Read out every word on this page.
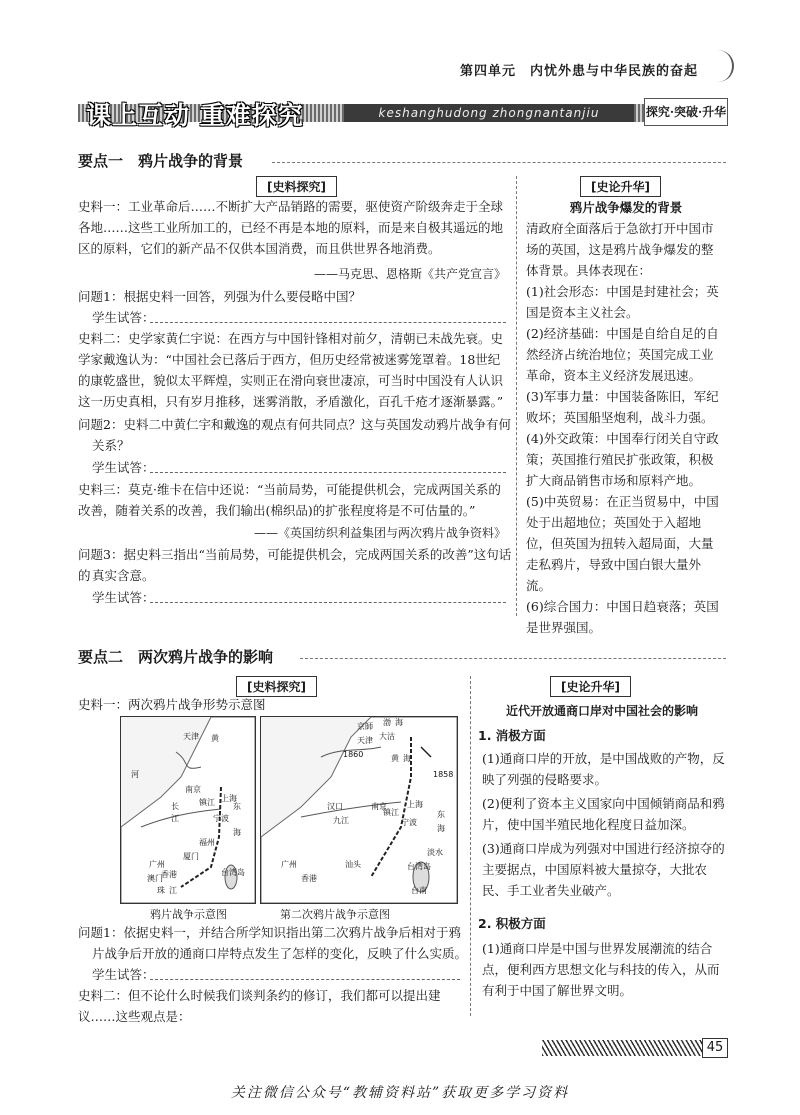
第四单元　内忧外患与中华民族的奋起
课上互动 重难探究	keshanghudong zhongnantanjiu	探究·突破·升华
要点一　鸦片战争的背景
[史料探究]
史料一：工业革命后……不断扩大产品销路的需要，驱使资产阶级奔走于全球各地……这些工业所加工的，已经不再是本地的原料，而是来自极其遥远的地区的原料，它们的新产品不仅供本国消费，而且供世界各地消费。
——马克思、恩格斯《共产党宣言》
问题1：根据史料一回答，列强为什么要侵略中国？
学生试答：
史料二：史学家黄仁宇说：在西方与中国针锋相对前夕，清朝已未战先衰。史学家戴逸认为：“中国社会已落后于西方，但历史经常被迷雾笼罩着。18世纪的康乾盛世，貌似太平辉煌，实则正在滑向衰世凄凉，可当时中国没有人认识这一历史真相，只有岁月推移，迷雾消散，矛盾激化，百孔千疮才逐渐暴露。”
问题2：史料二中黄仁宇和戴逸的观点有何共同点？这与英国发动鸦片战争有何
关系？
学生试答：
史料三：莫克·维卡在信中还说：“当前局势，可能提供机会，完成两国关系的改善，随着关系的改善，我们输出(棉织品)的扩张程度将是不可估量的。”
——《英国纺织利益集团与两次鸦片战争资料》
问题3：据史料三指出“当前局势，可能提供机会，完成两国关系的改善”这句话的 真实含意。
学生试答：
[史论升华]
鸦片战争爆发的背景
清政府全面落后于急欲打开中国市场的英国，这是鸦片战争爆发的整体背景。具体表现在：
(1)社会形态：中国是封建社会；英国是资本主义社会。
(2)经济基础：中国是自给自足的自然经济占统治地位；英国完成工业革命，资本主义经济发展迅速。
(3)军事力量：中国装备陈旧，军纪败坏；英国船坚炮利，战斗力强。
(4)外交政策：中国奉行闭关自守政策；英国推行殖民扩张政策，积极扩大商品销售市场和原料产地。
(5)中英贸易：在正当贸易中，中国处于出超地位；英国处于入超地位，但英国为扭转入超局面，大量走私鸦片，导致中国白银大量外流。
(6)综合国力：中国日趋衰落；英国是世界强国。
要点二　两次鸦片战争的影响
[史料探究]
史料一：两次鸦片战争形势示意图
天津
南京
镇江 上海
宁波
福州
厦门
广州
澳门
香港	台湾岛
东
海
长
江
黄
河
珠 江
鸦片战争示意图
京師
天津 大沽
1860
1858
汉口
九江
南京
镇江
上海
宁波
广州
香港
汕头	台湾岛
淡水
台南
黄 海
东
海
渤 海
第二次鸦片战争示意图
问题1：依据史料一，并结合所学知识指出第二次鸦片战争后相对于鸦
片战争后开放的通商口岸特点发生了怎样的变化，反映了什么实质。
学生试答：
史料二：但不论什么时候我们谈判条约的修订，我们都可以提出建议……这些观点是：
[史论升华]
近代开放通商口岸对中国社会的影响
1. 消极方面
(1)通商口岸的开放，是中国战败的产物，反映了列强的侵略要求。
(2)便利了资本主义国家向中国倾销商品和鸦片，使中国半殖民地化程度日益加深。
(3)通商口岸成为列强对中国进行经济掠夺的主要据点，中国原料被大量掠夺，大批农民、手工业者失业破产。
2. 积极方面
(1)通商口岸是中国与世界发展潮流的结合点，便利西方思想文化与科技的传入，从而有利于中国了解世界文明。
45
关注微信公众号“教辅资料站”获取更多学习资料
